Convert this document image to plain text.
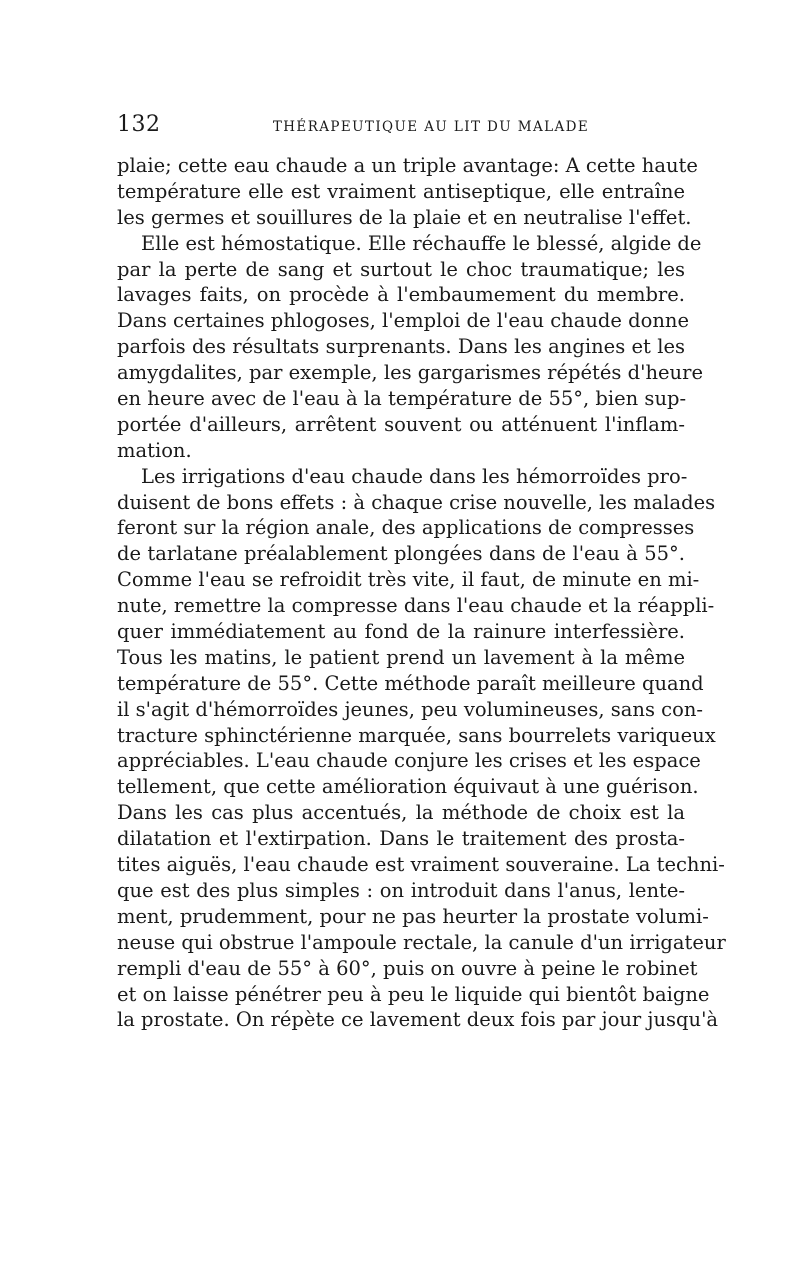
132	THÉRAPEUTIQUE AU LIT DU MALADE
plaie; cette eau chaude a un triple avantage: A cette haute
température elle est vraiment antiseptique, elle entraîne
les germes et souillures de la plaie et en neutralise l'effet.
Elle est hémostatique. Elle réchauffe le blessé, algide de
par la perte de sang et surtout le choc traumatique; les
lavages faits, on procède à l'embaumement du membre.
Dans certaines phlogoses, l'emploi de l'eau chaude donne
parfois des résultats surprenants. Dans les angines et les
amygdalites, par exemple, les gargarismes répétés d'heure
en heure avec de l'eau à la température de 55°, bien sup-
portée d'ailleurs, arrêtent souvent ou atténuent l'inflam-
mation.
Les irrigations d'eau chaude dans les hémorroïdes pro-
duisent de bons effets : à chaque crise nouvelle, les malades
feront sur la région anale, des applications de compresses
de tarlatane préalablement plongées dans de l'eau à 55°.
Comme l'eau se refroidit très vite, il faut, de minute en mi-
nute, remettre la compresse dans l'eau chaude et la réappli-
quer immédiatement au fond de la rainure interfessière.
Tous les matins, le patient prend un lavement à la même
température de 55°. Cette méthode paraît meilleure quand
il s'agit d'hémorroïdes jeunes, peu volumineuses, sans con-
tracture sphinctérienne marquée, sans bourrelets variqueux
appréciables. L'eau chaude conjure les crises et les espace
tellement, que cette amélioration équivaut à une guérison.
Dans les cas plus accentués, la méthode de choix est la
dilatation et l'extirpation. Dans le traitement des prosta-
tites aiguës, l'eau chaude est vraiment souveraine. La techni-
que est des plus simples : on introduit dans l'anus, lente-
ment, prudemment, pour ne pas heurter la prostate volumi-
neuse qui obstrue l'ampoule rectale, la canule d'un irrigateur
rempli d'eau de 55° à 60°, puis on ouvre à peine le robinet
et on laisse pénétrer peu à peu le liquide qui bientôt baigne
la prostate. On répète ce lavement deux fois par jour jusqu'à
